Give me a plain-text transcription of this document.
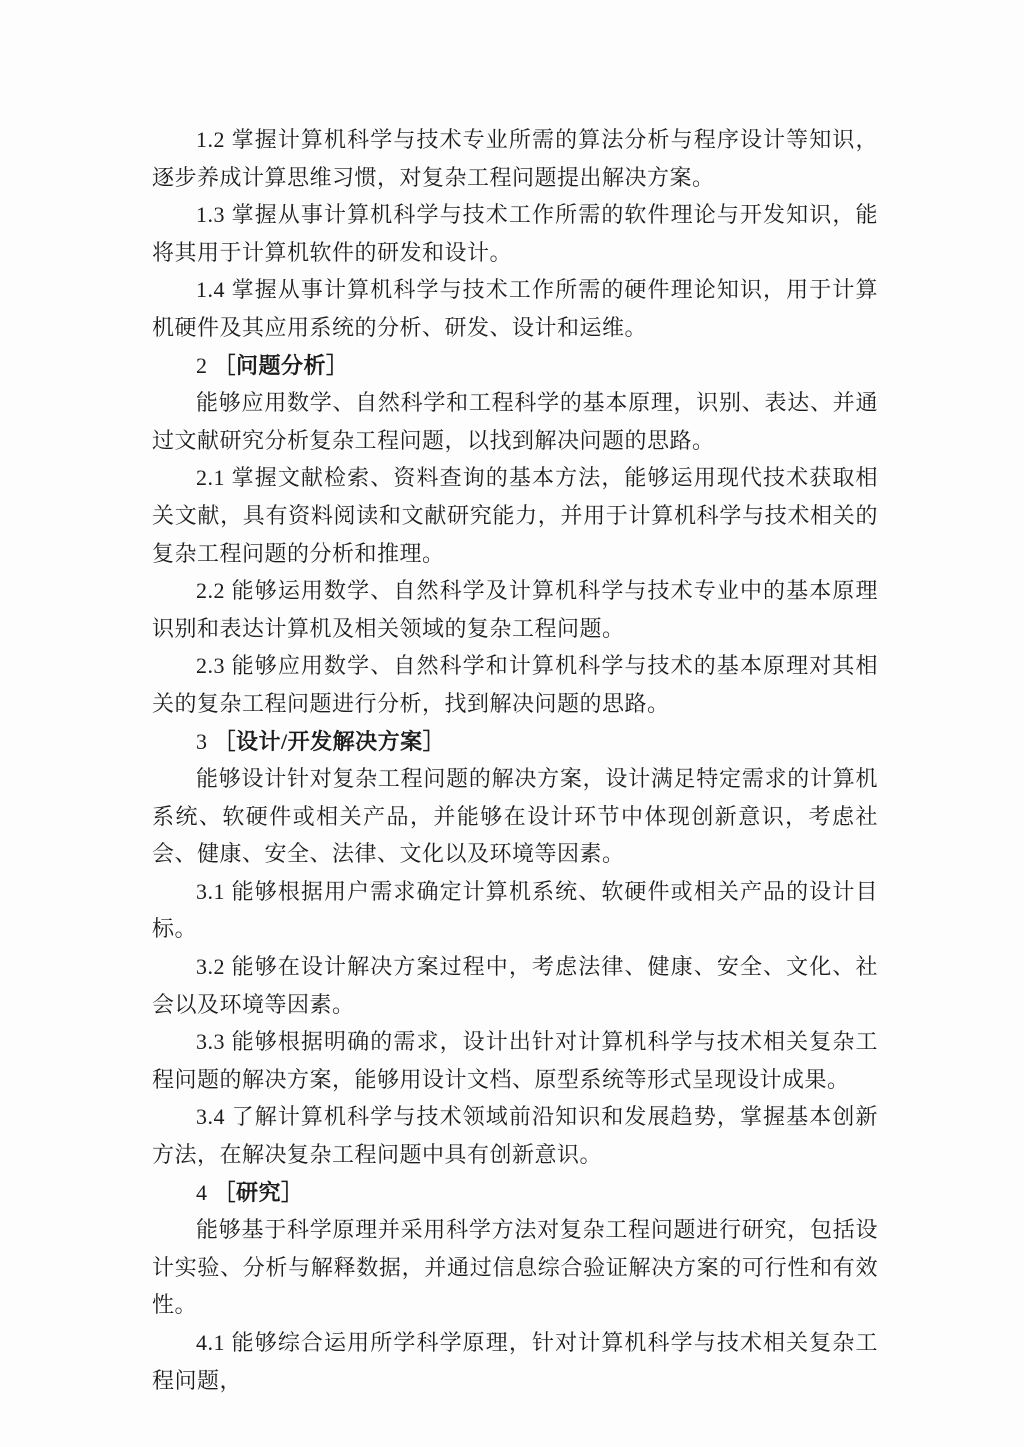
1.2 掌握计算机科学与技术专业所需的算法分析与程序设计等知识，逐步养成计算思维习惯，对复杂工程问题提出解决方案。

1.3 掌握从事计算机科学与技术工作所需的软件理论与开发知识，能将其用于计算机软件的研发和设计。

1.4 掌握从事计算机科学与技术工作所需的硬件理论知识，用于计算机硬件及其应用系统的分析、研发、设计和运维。

2 ［问题分析］

能够应用数学、自然科学和工程科学的基本原理，识别、表达、并通过文献研究分析复杂工程问题，以找到解决问题的思路。

2.1 掌握文献检索、资料查询的基本方法，能够运用现代技术获取相关文献，具有资料阅读和文献研究能力，并用于计算机科学与技术相关的复杂工程问题的分析和推理。

2.2 能够运用数学、自然科学及计算机科学与技术专业中的基本原理识别和表达计算机及相关领域的复杂工程问题。

2.3 能够应用数学、自然科学和计算机科学与技术的基本原理对其相关的复杂工程问题进行分析，找到解决问题的思路。

3 ［设计/开发解决方案］

能够设计针对复杂工程问题的解决方案，设计满足特定需求的计算机系统、软硬件或相关产品，并能够在设计环节中体现创新意识，考虑社会、健康、安全、法律、文化以及环境等因素。

3.1 能够根据用户需求确定计算机系统、软硬件或相关产品的设计目标。

3.2 能够在设计解决方案过程中，考虑法律、健康、安全、文化、社会以及环境等因素。

3.3 能够根据明确的需求，设计出针对计算机科学与技术相关复杂工程问题的解决方案，能够用设计文档、原型系统等形式呈现设计成果。

3.4 了解计算机科学与技术领域前沿知识和发展趋势，掌握基本创新方法，在解决复杂工程问题中具有创新意识。

4 ［研究］

能够基于科学原理并采用科学方法对复杂工程问题进行研究，包括设计实验、分析与解释数据，并通过信息综合验证解决方案的可行性和有效性。

4.1 能够综合运用所学科学原理，针对计算机科学与技术相关复杂工程问题，
